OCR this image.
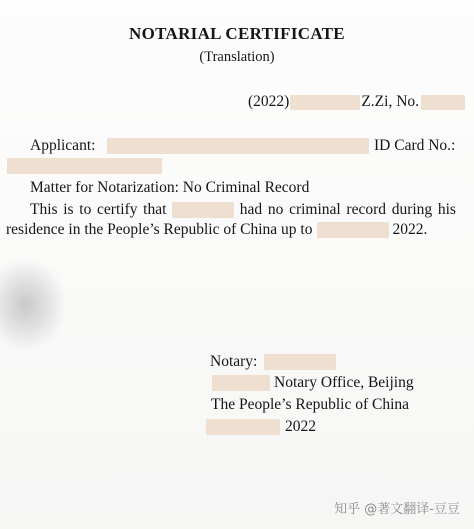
NOTARIAL CERTIFICATE
(Translation)
(2022)	Z.Zi, No.
Applicant:	ID Card No.:
Matter for Notarization: No Criminal Record
This is to certify that	had no criminal record during his
residence in the People’s Republic of China up to	2022.
Notary:
Notary Office, Beijing
The People’s Republic of China
2022
知乎 @著文翻译-豆豆
